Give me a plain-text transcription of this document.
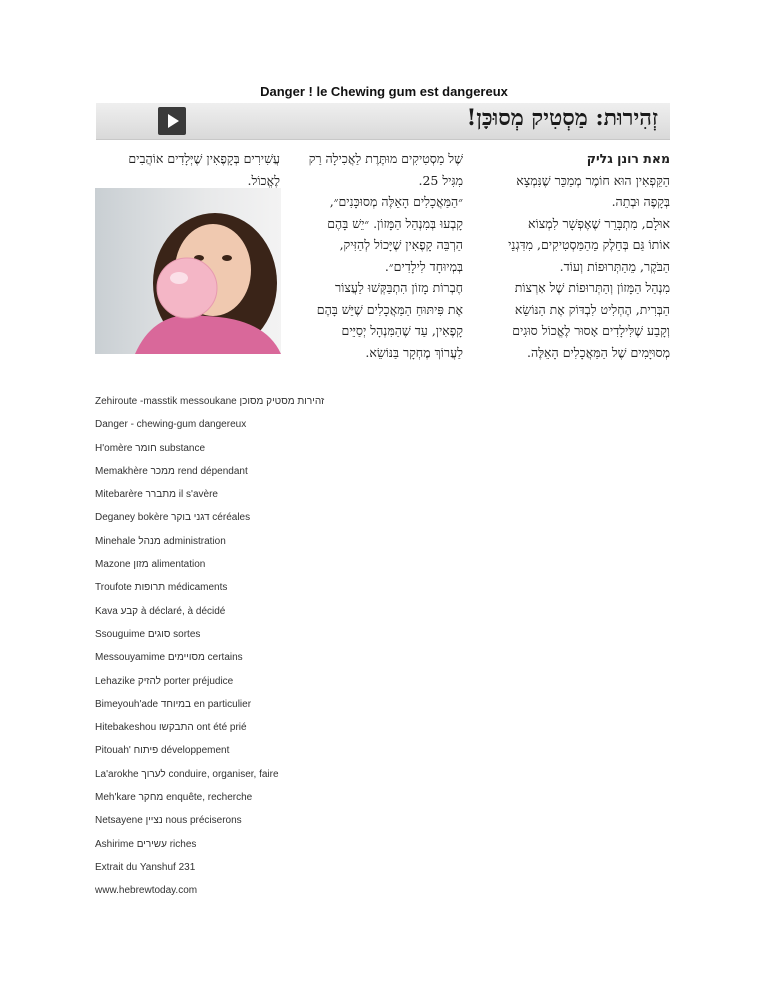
Danger ! le Chewing gum est dangereux
זְהִירוּת: מַסְטִיק מְסוּכָּן!

מאת רונן גליק

הַקֵּפְאִין הוּא חוֹמֶר מְמַכֵּר שֶׁנִּמְצָא

בְּקָפֶה וּבְתֵה.

אוּלָם, מִתְבָּרֵר שֶׁאֶפְשָׁר לִמְצוֹא

אוֹתוֹ גַּם בְּחֵלֶק מֵהַמַּסְטִיקִים, מִדִּגְנֵי

הַבֹּקֶר, מֵהַתְּרוּפוֹת וְעוֹד.

מִנְהַל הַמָּזוֹן וְהַתְּרוּפוֹת שֶׁל אַרְצוֹת

הַבְּרִית, הֶחְלִיט לִבְדּוֹק אֶת הַנּוֹשֵׂא

וְקָבַע שֶׁלִּילָדִים אָסוּר לֶאֱכוֹל סוּגִים

מְסוּיָּמִים שֶׁל הַמַּאֲכָלִים הָאֵלֶּה.

שֶׁל מַסְטִיקִים מוּתֶּרֶת לַאֲכִילָה רַק

מִגִּיל 25.

״הַמַּאֲכָלִים הָאֵלֶּה מְסוּכָּנִים״,

קָבְעוּ בְּמִנְהַל הַמָּזוֹן. ״יֵשׁ בָּהֶם

הַרְבֵּה קָפֶאִין שֶׁיָּכוֹל לְהַזִּיק,

בְּמְיוּחָד לִילָדִים״.

חֶבְרוֹת מָזוֹן הִתְבַּקְּשׁוּ לַעֲצוֹר

אֶת פִּיתּוּחַ הַמַּאֲכָלִים שֶׁיֵּשׁ בָּהֶם

קָפֶאִין, עַד שֶׁהַמִּנְהָל יְסַיֵּים

לַעֲרוֹךְ מֶחְקָר בַּנּוֹשֵׂא.

עֲשִׁירִים בְּקָפֶאִין שֶׁיְּלָדִים אוֹהֲבִים

לֶאֱכוֹל.

Zehiroute -masstik messoukane זהירות מסטיק מסוכן
Danger - chewing-gum dangereux
H'omère חומר substance
Memakhère ממכר rend dépendant
Mitebarère מתברר il s'avère
Deganey bokère דגני בוקר céréales
Minehale מנהל administration
Mazone מזון alimentation
Troufote תרופות médicaments
Kava קבע à déclaré, à décidé
Ssouguime סוגים sortes
Messouyamime מסויימים certains
Lehazike להזיק porter préjudice
Bimeyouh'ade במיוחד en particulier
Hitebakeshou התבקשו ont été prié
Pitouah' פיתוח développement
La'arokhe לערוך conduire, organiser, faire
Meh'kare מחקר enquête, recherche
Netsayene נציין nous préciserons
Ashirime עשירים riches
Extrait du Yanshuf 231
www.hebrewtoday.com
